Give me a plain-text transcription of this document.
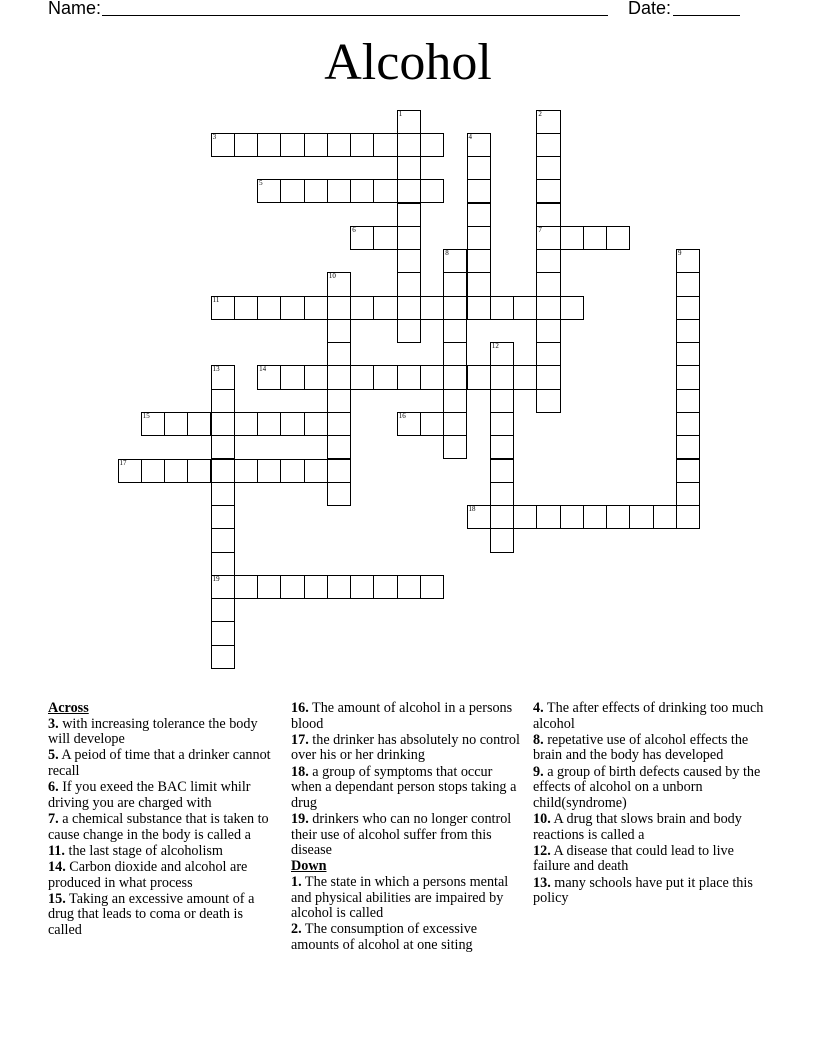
Name:	Date:
Alcohol
1	2
7
3	4
5
6
8	9
10
11
12
13
19
14
15	16
17
18
Across
3. with increasing tolerance the body will develope
5. A peiod of time that a drinker cannot recall
6. If you exeed the BAC limit whilr driving you are charged with
7. a chemical substance that is taken to cause change in the body is called a
11. the last stage of alcoholism
14. Carbon dioxide and alcohol are produced in what process
15. Taking an excessive amount of a drug that leads to coma or death is called
16. The amount of alcohol in a persons blood
17. the drinker has absolutely no control over his or her drinking
18. a group of symptoms that occur when a dependant person stops taking a drug
19. drinkers who can no longer control their use of alcohol suffer from this disease
Down
1. The state in which a persons mental and physical abilities are impaired by alcohol is called
2. The consumption of excessive amounts of alcohol at one siting
4. The after effects of drinking too much alcohol
8. repetative use of alcohol effects the brain and the body has developed
9. a group of birth defects caused by the effects of alcohol on a unborn child(syndrome)
10. A drug that slows brain and body reactions is called a
12. A disease that could lead to live failure and death
13. many schools have put it place this policy
